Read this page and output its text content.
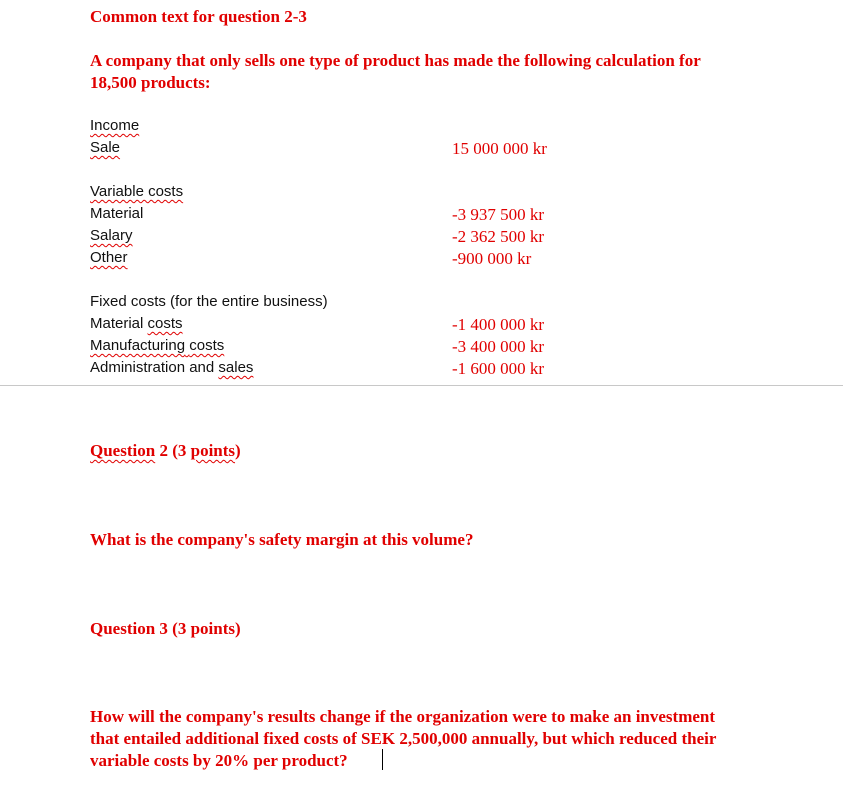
Common text for question 2-3
A company that only sells one type of product has made the following calculation for
18,500 products:
Income
Sale	15 000 000 kr
Variable costs
Material	-3 937 500 kr
Salary	-2 362 500 kr
Other	-900 000 kr
Fixed costs (for the entire business)
Material costs	-1 400 000 kr
Manufacturing costs	-3 400 000 kr
Administration and sales	-1 600 000 kr
Question 2 (3 points)
What is the company's safety margin at this volume?
Question 3 (3 points)
How will the company's results change if the organization were to make an investment
that entailed additional fixed costs of SEK 2,500,000 annually, but which reduced their
variable costs by 20% per product?
